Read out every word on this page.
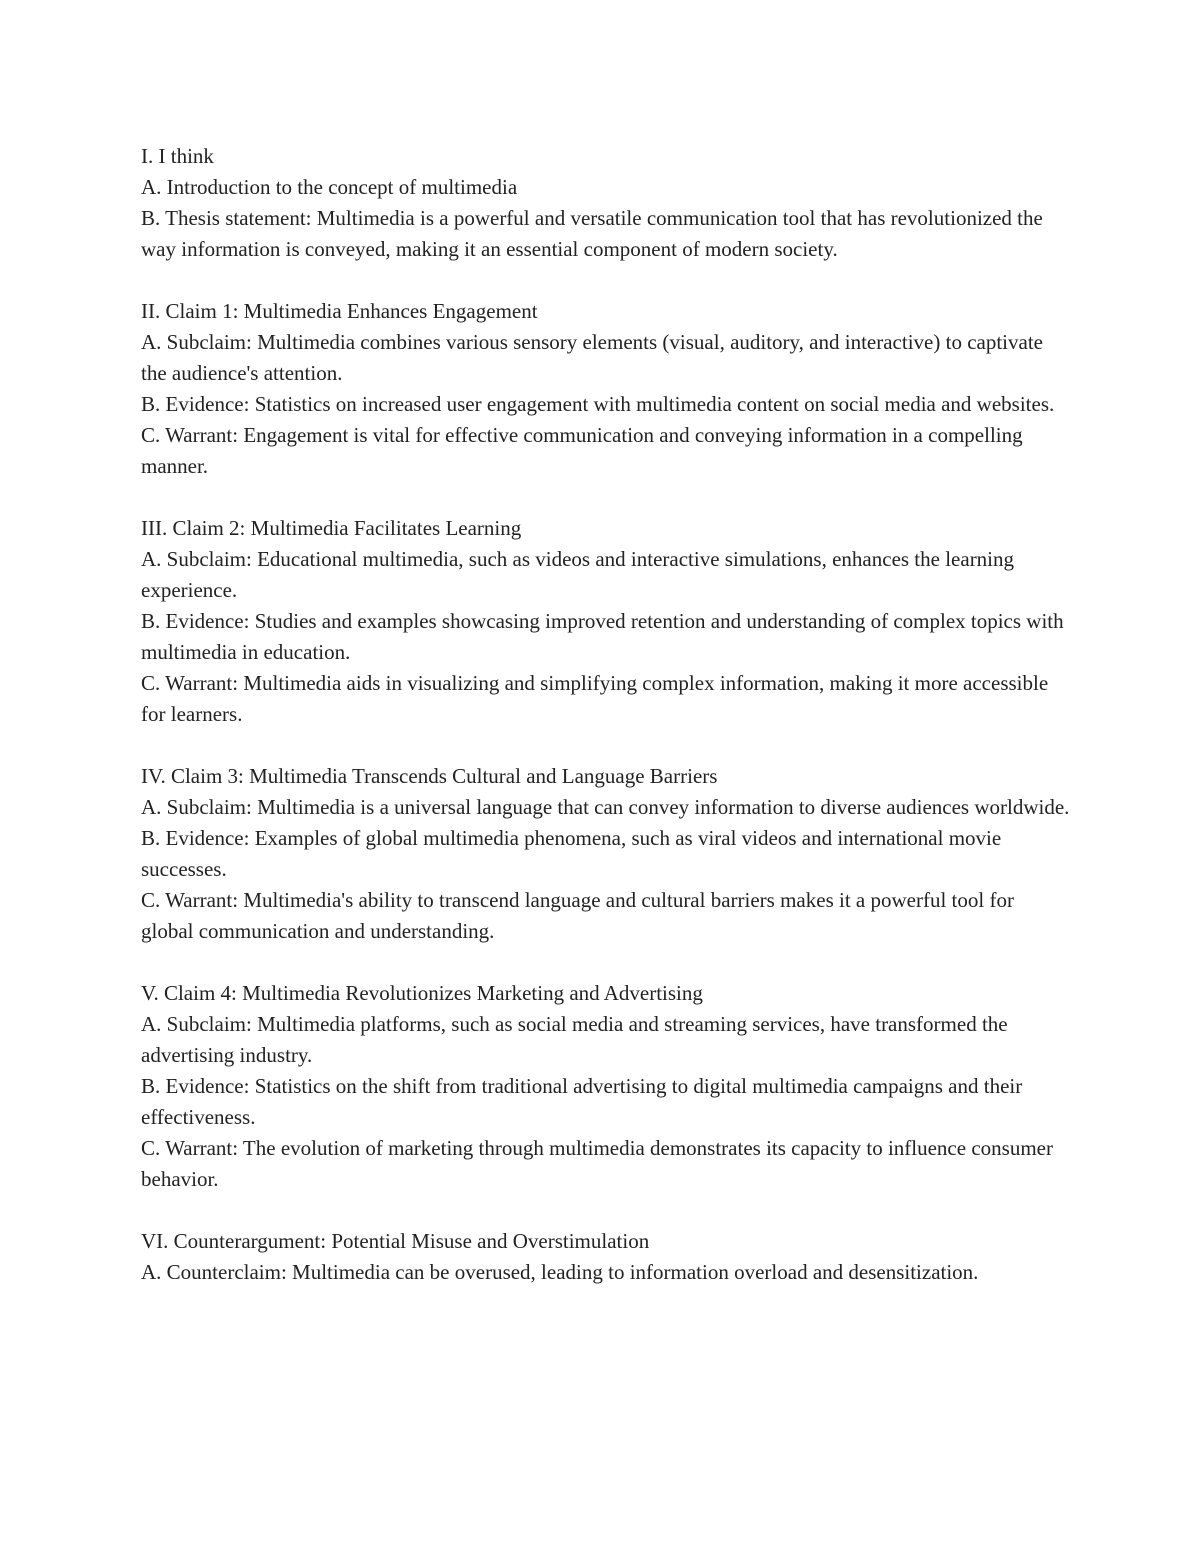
I. I think

A. Introduction to the concept of multimedia

B. Thesis statement: Multimedia is a powerful and versatile communication tool that has revolutionized the way information is conveyed, making it an essential component of modern society.

II. Claim 1: Multimedia Enhances Engagement

A. Subclaim: Multimedia combines various sensory elements (visual, auditory, and interactive) to captivate the audience's attention.

B. Evidence: Statistics on increased user engagement with multimedia content on social media and websites.

C. Warrant: Engagement is vital for effective communication and conveying information in a compelling manner.

III. Claim 2: Multimedia Facilitates Learning

A. Subclaim: Educational multimedia, such as videos and interactive simulations, enhances the learning experience.

B. Evidence: Studies and examples showcasing improved retention and understanding of complex topics with multimedia in education.

C. Warrant: Multimedia aids in visualizing and simplifying complex information, making it more accessible for learners.

IV. Claim 3: Multimedia Transcends Cultural and Language Barriers

A. Subclaim: Multimedia is a universal language that can convey information to diverse audiences worldwide.

B. Evidence: Examples of global multimedia phenomena, such as viral videos and international movie successes.

C. Warrant: Multimedia's ability to transcend language and cultural barriers makes it a powerful tool for global communication and understanding.

V. Claim 4: Multimedia Revolutionizes Marketing and Advertising

A. Subclaim: Multimedia platforms, such as social media and streaming services, have transformed the advertising industry.

B. Evidence: Statistics on the shift from traditional advertising to digital multimedia campaigns and their effectiveness.

C. Warrant: The evolution of marketing through multimedia demonstrates its capacity to influence consumer behavior.

VI. Counterargument: Potential Misuse and Overstimulation

A. Counterclaim: Multimedia can be overused, leading to information overload and desensitization.
